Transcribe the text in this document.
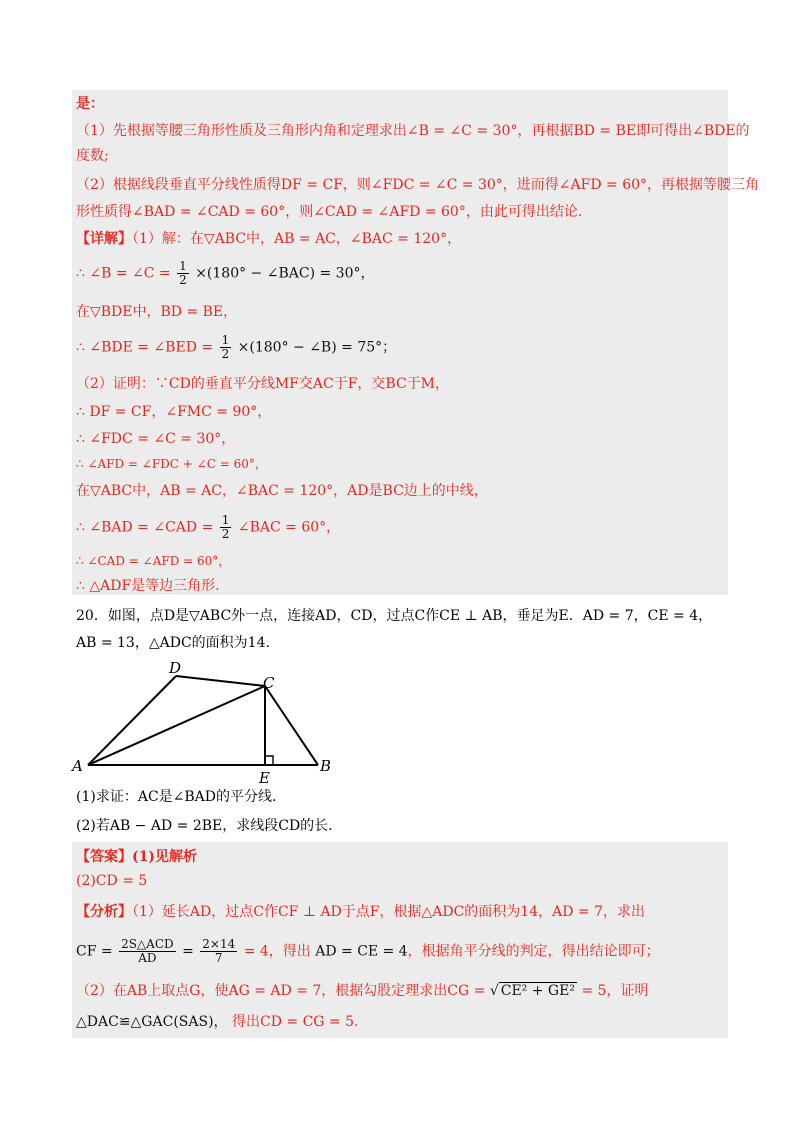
是：
（1）先根据等腰三角形性质及三角形内角和定理求出∠B = ∠C = 30°，再根据BD = BE即可得出∠BDE的
度数;
（2）根据线段垂直平分线性质得DF = CF，则∠FDC = ∠C = 30°，进而得∠AFD = 60°，再根据等腰三角
形性质得∠BAD = ∠CAD = 60°，则∠CAD = ∠AFD = 60°，由此可得出结论.
【详解】（1）解：在▽ABC中，AB = AC，∠BAC = 120°，
∴ ∠B = ∠C = $\frac{1}{2} \times(180^\circ$ − ∠BAC) = 30°，
在▽BDE中，BD = BE，
∴ ∠BDE = ∠BED = $\frac{1}{2} \times(180^\circ$ − ∠B) = 75°；
（2）证明：∵CD的垂直平分线MF交AC于F，交BC于M，
∴ DF = CF，∠FMC = 90°，
∴ ∠FDC = ∠C = 30°，
∴ ∠AFD = ∠FDC + ∠C = 60°，
在▽ABC中，AB = AC，∠BAC = 120°，AD是BC边上的中线，
∴ ∠BAD = ∠CAD = $\frac{1}{2}$ ∠BAC = 60°，
∴ ∠CAD = ∠AFD = 60°，
∴ △ADF是等边三角形.
20．如图，点D是▽ABC外一点，连接AD，CD，过点C作CE ⊥ AB，垂足为E．AD = 7，CE = 4，
AB = 13，△ADC的面积为14.
A	B
C
D
E
(1)求证：AC是∠BAD的平分线.
(2)若AB − AD = 2BE，求线段CD的长.
【答案】(1)见解析
(2)CD = 5
【分析】（1）延长AD，过点C作CF ⊥ AD于点F，根据△ADC的面积为14，AD = 7，求出
CF = $\frac{\text{2S△ACD}}{AD} = \frac{2\times 14}{7} = 4$，得出 AD = CE = 4，根据角平分线的判定，得出结论即可；
（2）在AB上取点G，使AG = AD = 7，根据勾股定理求出CG = √ CE² + GE² = 5，证明
△DAC≌△GAC(SAS)， 得出CD = CG = 5.
